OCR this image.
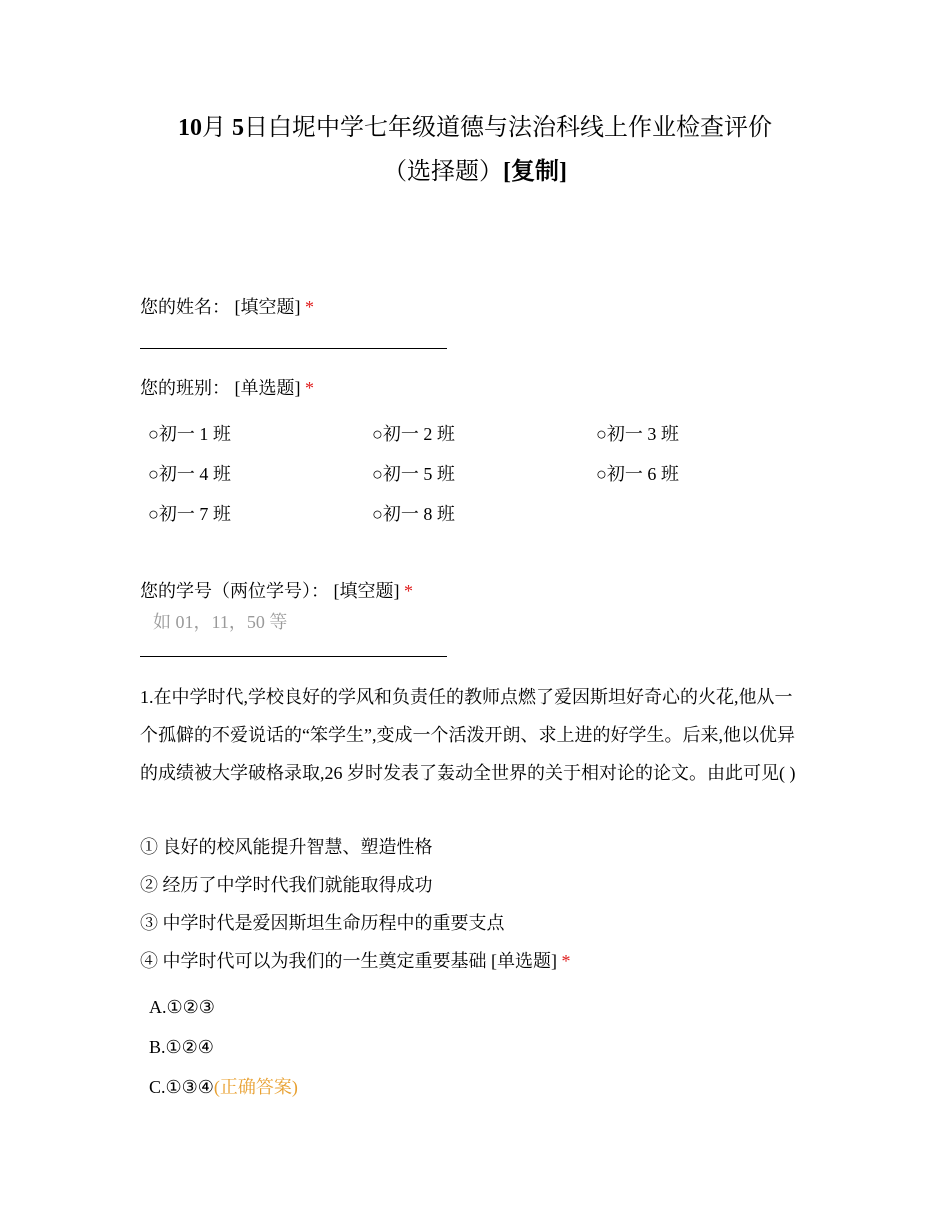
10月 5日白坭中学七年级道德与法治科线上作业检查评价
（选择题）[复制]
您的姓名： [填空题] *
您的班别： [单选题] *
○初一 1 班	○初一 2 班	○初一 3 班
○初一 4 班	○初一 5 班	○初一 6 班
○初一 7 班	○初一 8 班
您的学号（两位学号）： [填空题] *
如 01，11，50 等
1.在中学时代,学校良好的学风和负责任的教师点燃了爱因斯坦好奇心的火花,他从一个孤僻的不爱说话的“笨学生”,变成一个活泼开朗、求上进的好学生。后来,他以优异的成绩被大学破格录取,26 岁时发表了轰动全世界的关于相对论的论文。由此可见( )
① 良好的校风能提升智慧、塑造性格
② 经历了中学时代我们就能取得成功
③ 中学时代是爱因斯坦生命历程中的重要支点
④ 中学时代可以为我们的一生奠定重要基础 [单选题] *
A.①②③
B.①②④
C.①③④(正确答案)
